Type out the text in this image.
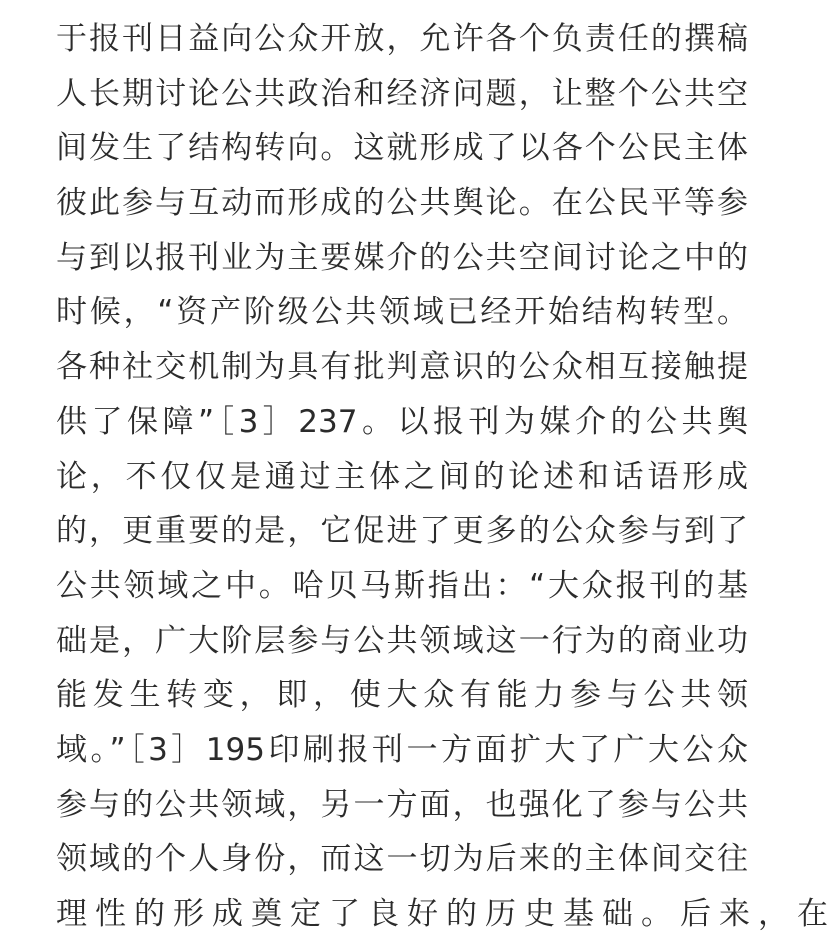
于报刊日益向公众开放，允许各个负责任的撰稿
人长期讨论公共政治和经济问题，让整个公共空
间发生了结构转向。这就形成了以各个公民主体
彼此参与互动而形成的公共舆论。在公民平等参
与到以报刊业为主要媒介的公共空间讨论之中的
时候，“资产阶级公共领域已经开始结构转型。
各种社交机制为具有批判意识的公众相互接触提
供了保障”［3］237。以报刊为媒介的公共舆
论，不仅仅是通过主体之间的论述和话语形成
的，更重要的是，它促进了更多的公众参与到了
公共领域之中。哈贝马斯指出：“大众报刊的基
础是，广大阶层参与公共领域这一行为的商业功
能发生转变，即，使大众有能力参与公共领
域。”［3］195印刷报刊一方面扩大了广大公众
参与的公共领域，另一方面，也强化了参与公共
领域的个人身份，而这一切为后来的主体间交往
理性的形成奠定了良好的历史基础。后来，在
